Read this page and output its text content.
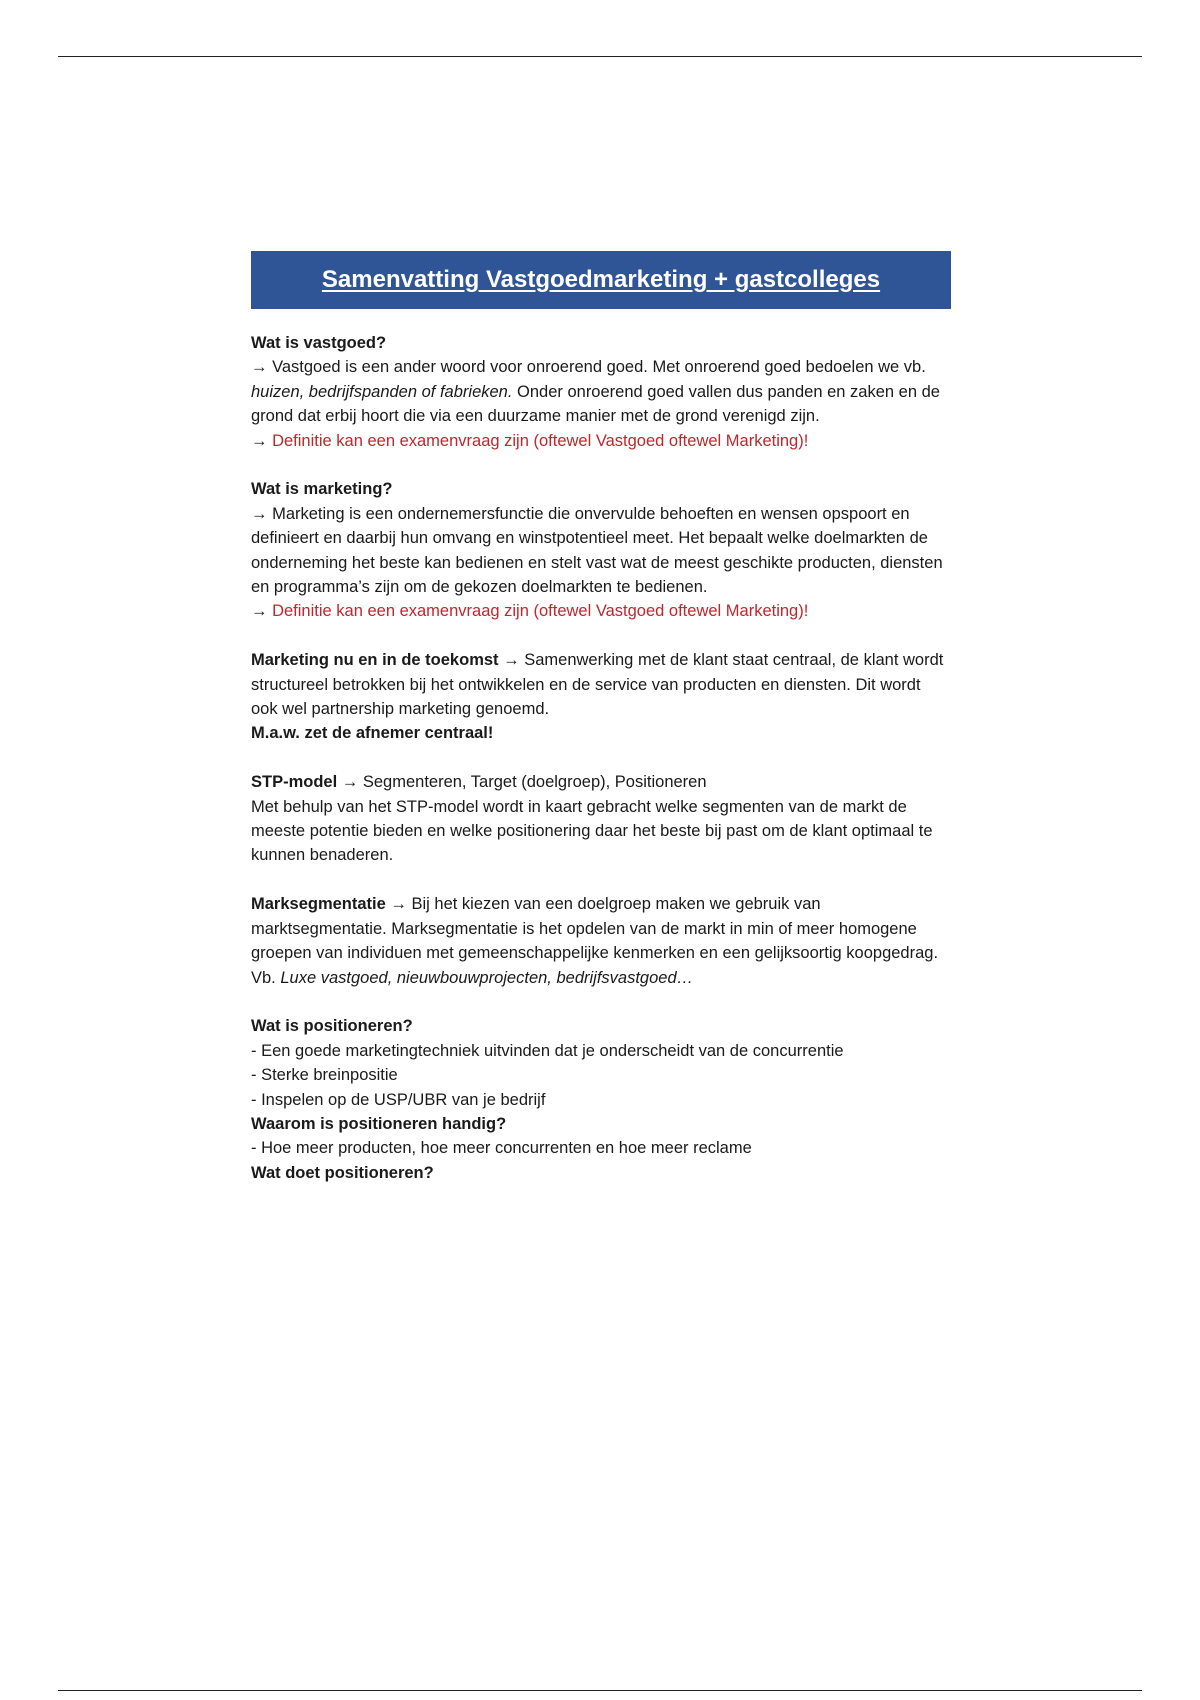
Samenvatting Vastgoedmarketing + gastcolleges

Wat is vastgoed?

→ Vastgoed is een ander woord voor onroerend goed. Met onroerend goed bedoelen we vb. huizen, bedrijfspanden of fabrieken. Onder onroerend goed vallen dus panden en zaken en de grond dat erbij hoort die via een duurzame manier met de grond verenigd zijn.

→ Definitie kan een examenvraag zijn (oftewel Vastgoed oftewel Marketing)!

Wat is marketing?

→ Marketing is een ondernemersfunctie die onvervulde behoeften en wensen opspoort en definieert en daarbij hun omvang en winstpotentieel meet. Het bepaalt welke doelmarkten de onderneming het beste kan bedienen en stelt vast wat de meest geschikte producten, diensten en programma’s zijn om de gekozen doelmarkten te bedienen.

→ Definitie kan een examenvraag zijn (oftewel Vastgoed oftewel Marketing)!

Marketing nu en in de toekomst → Samenwerking met de klant staat centraal, de klant wordt structureel betrokken bij het ontwikkelen en de service van producten en diensten. Dit wordt ook wel partnership marketing genoemd.

M.a.w. zet de afnemer centraal!

STP-model → Segmenteren, Target (doelgroep), Positioneren

Met behulp van het STP-model wordt in kaart gebracht welke segmenten van de markt de meeste potentie bieden en welke positionering daar het beste bij past om de klant optimaal te kunnen benaderen.

Marksegmentatie → Bij het kiezen van een doelgroep maken we gebruik van marktsegmentatie. Marksegmentatie is het opdelen van de markt in min of meer homogene groepen van individuen met gemeenschappelijke kenmerken en een gelijksoortig koopgedrag.

Vb. Luxe vastgoed, nieuwbouwprojecten, bedrijfsvastgoed…

Wat is positioneren?

- Een goede marketingtechniek uitvinden dat je onderscheidt van de concurrentie

- Sterke breinpositie

- Inspelen op de USP/UBR van je bedrijf

Waarom is positioneren handig?

- Hoe meer producten, hoe meer concurrenten en hoe meer reclame

Wat doet positioneren?
